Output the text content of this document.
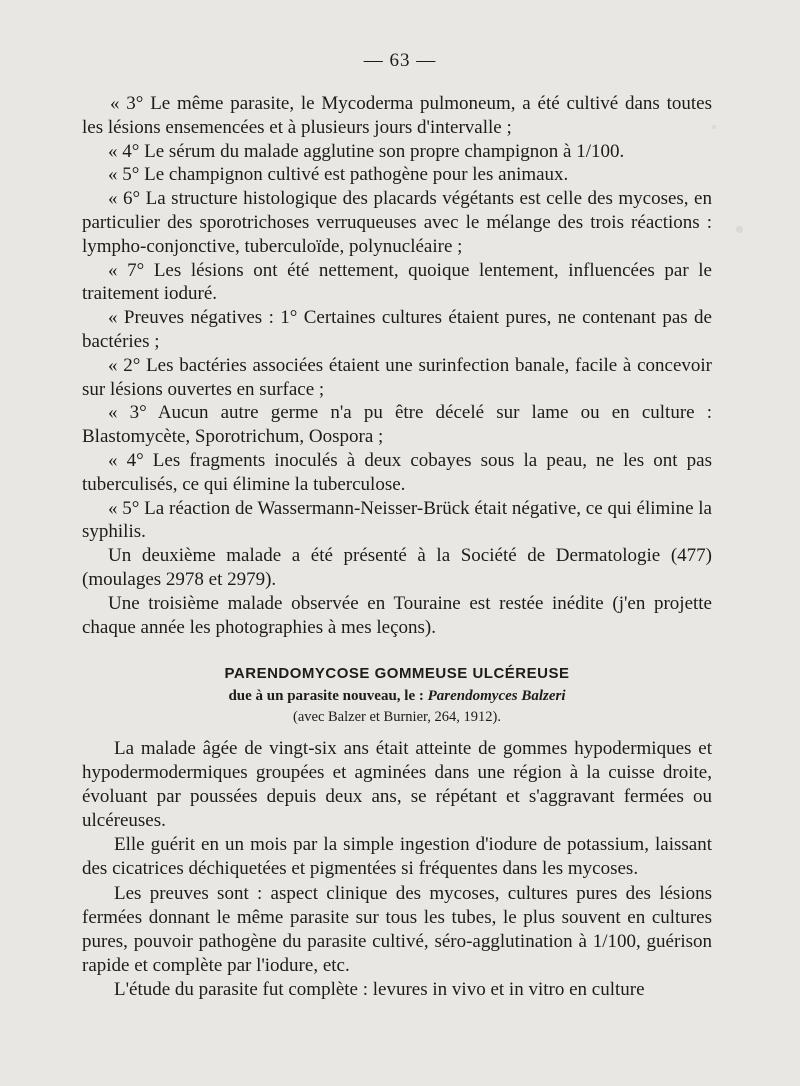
— 63 —

« 3° Le même parasite, le Mycoderma pulmoneum, a été cultivé dans toutes les lésions ensemencées et à plusieurs jours d'intervalle ;

« 4° Le sérum du malade agglutine son propre champignon à 1/100.

« 5° Le champignon cultivé est pathogène pour les animaux.

« 6° La structure histologique des placards végétants est celle des mycoses, en particulier des sporotrichoses verruqueuses avec le mélange des trois réactions : lympho-conjonctive, tuberculoïde, polynucléaire ;

« 7° Les lésions ont été nettement, quoique lentement, influencées par le traitement ioduré.

« Preuves négatives : 1° Certaines cultures étaient pures, ne contenant pas de bactéries ;

« 2° Les bactéries associées étaient une surinfection banale, facile à concevoir sur lésions ouvertes en surface ;

« 3° Aucun autre germe n'a pu être décelé sur lame ou en culture : Blastomycète, Sporotrichum, Oospora ;

« 4° Les fragments inoculés à deux cobayes sous la peau, ne les ont pas tuberculisés, ce qui élimine la tuberculose.

« 5° La réaction de Wassermann-Neisser-Brück était négative, ce qui élimine la syphilis.

Un deuxième malade a été présenté à la Société de Dermatologie (477) (moulages 2978 et 2979).

Une troisième malade observée en Touraine est restée inédite (j'en projette chaque année les photographies à mes leçons).

PARENDOMYCOSE GOMMEUSE ULCÉREUSE
due à un parasite nouveau, le : Parendomyces Balzeri
(avec Balzer et Burnier, 264, 1912).

La malade âgée de vingt-six ans était atteinte de gommes hypodermiques et hypodermodermiques groupées et agminées dans une région à la cuisse droite, évoluant par poussées depuis deux ans, se répétant et s'aggravant fermées ou ulcéreuses.

Elle guérit en un mois par la simple ingestion d'iodure de potassium, laissant des cicatrices déchiquetées et pigmentées si fréquentes dans les mycoses.

Les preuves sont : aspect clinique des mycoses, cultures pures des lésions fermées donnant le même parasite sur tous les tubes, le plus souvent en cultures pures, pouvoir pathogène du parasite cultivé, séro-agglutination à 1/100, guérison rapide et complète par l'iodure, etc.

L'étude du parasite fut complète : levures in vivo et in vitro en culture
